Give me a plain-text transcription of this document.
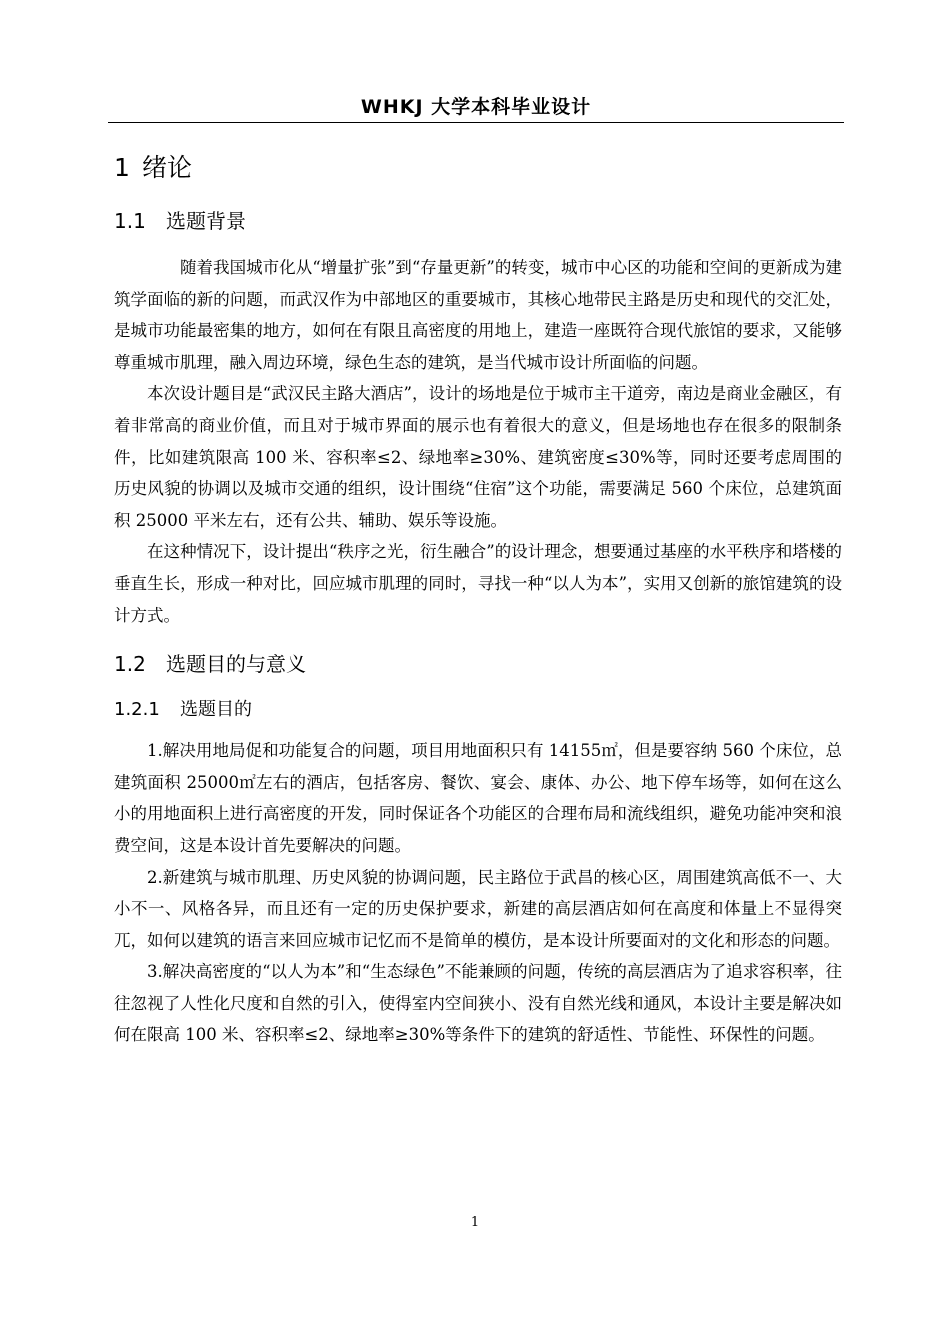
WHKJ 大学本科毕业设计
1 绪论
1.1 选题背景

随着我国城市化从“增量扩张”到“存量更新”的转变，城市中心区的功能和空间的更新成为建筑学面临的新的问题，而武汉作为中部地区的重要城市，其核心地带民主路是历史和现代的交汇处，是城市功能最密集的地方，如何在有限且高密度的用地上，建造一座既符合现代旅馆的要求，又能够尊重城市肌理，融入周边环境，绿色生态的建筑，是当代城市设计所面临的问题。

本次设计题目是“武汉民主路大酒店”，设计的场地是位于城市主干道旁，南边是商业金融区，有着非常高的商业价值，而且对于城市界面的展示也有着很大的意义，但是场地也存在很多的限制条件，比如建筑限高 100 米、容积率≤2、绿地率≥30%、建筑密度≤30%等，同时还要考虑周围的历史风貌的协调以及城市交通的组织，设计围绕“住宿”这个功能，需要满足 560 个床位，总建筑面积 25000 平米左右，还有公共、辅助、娱乐等设施。

在这种情况下，设计提出“秩序之光，衍生融合”的设计理念，想要通过基座的水平秩序和塔楼的垂直生长，形成一种对比，回应城市肌理的同时，寻找一种“以人为本”，实用又创新的旅馆建筑的设计方式。

1.2 选题目的与意义
1.2.1 选题目的

1.解决用地局促和功能复合的问题，项目用地面积只有 14155㎡，但是要容纳 560 个床位，总建筑面积 25000㎡左右的酒店，包括客房、餐饮、宴会、康体、办公、地下停车场等，如何在这么小的用地面积上进行高密度的开发，同时保证各个功能区的合理布局和流线组织，避免功能冲突和浪费空间，这是本设计首先要解决的问题。

2.新建筑与城市肌理、历史风貌的协调问题，民主路位于武昌的核心区，周围建筑高低不一、大小不一、风格各异，而且还有一定的历史保护要求，新建的高层酒店如何在高度和体量上不显得突兀，如何以建筑的语言来回应城市记忆而不是简单的模仿，是本设计所要面对的文化和形态的问题。

3.解决高密度的“以人为本”和“生态绿色”不能兼顾的问题，传统的高层酒店为了追求容积率，往往忽视了人性化尺度和自然的引入，使得室内空间狭小、没有自然光线和通风，本设计主要是解决如何在限高 100 米、容积率≤2、绿地率≥30%等条件下的建筑的舒适性、节能性、环保性的问题。

1
